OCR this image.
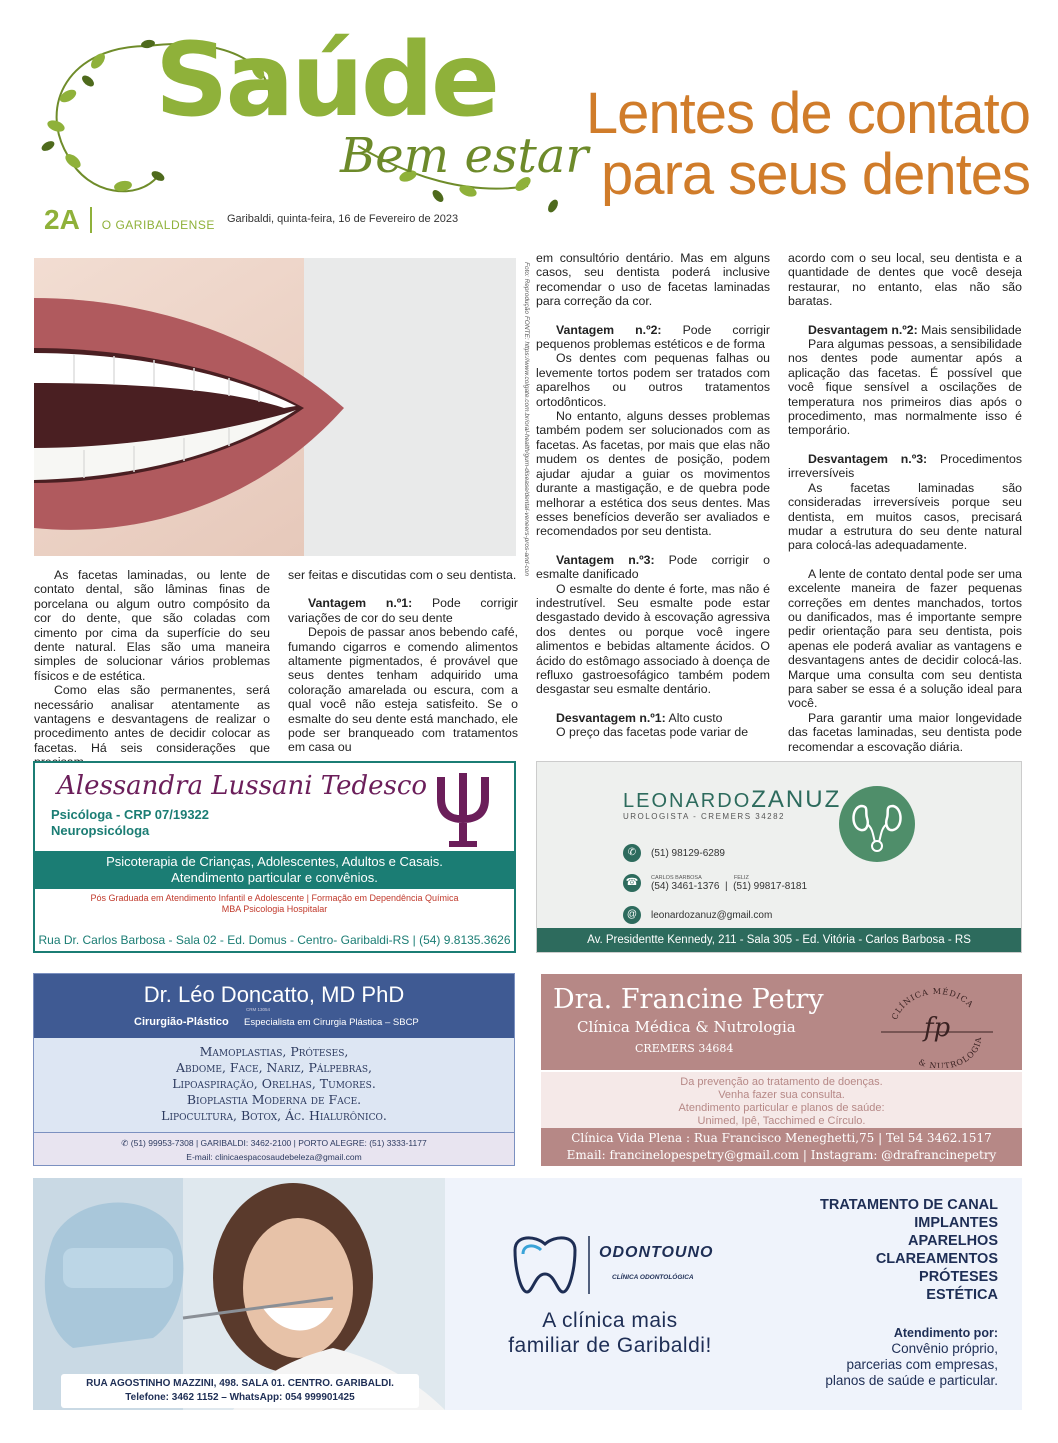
Saúde
Bem estar
Lentes de contato
para seus dentes
2A O GARIBALDENSE Garibaldi, quinta-feira, 16 de Fevereiro de 2023
Foto: Reprodução FONTE: https://www.colgate.com.br/oral-health/gum-disease/dental-veneers-pros-and-con

As facetas laminadas, ou lente de contato dental, são lâminas finas de porcelana ou algum outro compósito da cor do dente, que são coladas com cimento por cima da superfície do seu dente natural. Elas são uma maneira simples de solucionar vários problemas físicos e de estética.

Como elas são permanentes, será necessário analisar atentamente as vantagens e desvantagens de realizar o procedimento antes de decidir colocar as facetas. Há seis considerações que

ser feitas e discutidas com o seu dentista.

Vantagem n.º1: Pode corrigir variações de cor do seu dente

Depois de passar anos bebendo café, fumando cigarros e comendo alimentos altamente pigmentados, é provável que seus dentes tenham adquirido uma coloração amarelada ou escura, com a qual você não esteja satisfeito. Se o esmalte do seu dente está manchado, ele pode ser branqueado com tratamentos em casa ou

em consultório dentário. Mas em alguns casos, seu dentista poderá inclusive recomendar o uso de facetas laminadas para correção da cor.

Vantagem n.º2: Pode corrigir pequenos problemas estéticos e de forma

Os dentes com pequenas falhas ou levemente tortos podem ser tratados com aparelhos ou outros tratamentos ortodônticos.

No entanto, alguns desses problemas também podem ser solucionados com as facetas. As facetas, por mais que elas não mudem os dentes de posição, podem ajudar ajudar a guiar os movimentos durante a mastigação, e de quebra pode melhorar a estética dos seus dentes. Mas esses benefícios deverão ser avaliados e recomendados por seu dentista.

Vantagem n.º3: Pode corrigir o esmalte danificado

O esmalte do dente é forte, mas não é indestrutível. Seu esmalte pode estar desgastado devido à escovação agressiva dos dentes ou porque você ingere alimentos e bebidas altamente ácidos. O ácido do estômago associado à doença de refluxo gastroesofágico também podem desgastar seu esmalte dentário.

Desvantagem n.º1: Alto custo

O preço das facetas pode variar de

acordo com o seu local, seu dentista e a quantidade de dentes que você deseja restaurar, no entanto, elas não são baratas.

Desvantagem n.º2: Mais sensibilidade

Para algumas pessoas, a sensibilidade nos dentes pode aumentar após a aplicação das facetas. É possível que você fique sensível a oscilações de temperatura nos primeiros dias após o procedimento, mas normalmente isso é temporário.

Desvantagem n.º3: Procedimentos irreversíveis

As facetas laminadas são consideradas irreversíveis porque seu dentista, em muitos casos, precisará mudar a estrutura do seu dente natural para colocá-las adequadamente.

A lente de contato dental pode ser uma excelente maneira de fazer pequenas correções em dentes manchados, tortos ou danificados, mas é importante sempre pedir orientação para seu dentista, pois apenas ele poderá avaliar as vantagens e desvantagens antes de decidir colocá-las. Marque uma consulta com seu dentista para saber se essa é a solução ideal para você.

Para garantir uma maior longevidade das facetas laminadas, seu dentista pode recomendar a escovação diária.

Alessandra Lussani Tedesco
Psicóloga - CRP 07/19322
Neuropsicóloga
Psicoterapia de Crianças, Adolescentes, Adultos e Casais.
Atendimento particular e convênios.
Pós Graduada em Atendimento Infantil e Adolescente | Formação em Dependência Química
MBA Psicologia Hospitalar
Rua Dr. Carlos Barbosa - Sala 02 - Ed. Domus - Centro- Garibaldi-RS | (54) 9.8135.3626
LEONARDOZANUZ
UROLOGISTA - CREMERS 34282
✆	(51) 98129-6289
☎	CARLOS BARBOSA	FELIZ
(54) 3461-1376  |  (51) 99817-8181
@	leonardozanuz@gmail.com
Av. Presidentte Kennedy, 211 - Sala 305 - Ed. Vitória - Carlos Barbosa - RS
Dr. Léo Doncatto, MD PhD
CRM 13054
Cirurgião-Plástico Especialista em Cirurgia Plástica – SBCP
Mamoplastias, Próteses,
Abdome, Face, Nariz, Pálpebras,
Lipoaspiração, Orelhas, Tumores.
Bioplastia Moderna de Face.
Lipocultura, Botox, Ác. Hialurônico.
✆ (51) 99953-7308 | GARIBALDI: 3462-2100 | PORTO ALEGRE: (51) 3333-1177
E-mail: clinicaespacosaudebeleza@gmail.com
Dra. Francine Petry
Clínica Médica & Nutrologia
CREMERS 34684
CLÍNICA MÉDICA
& NUTROLOGIA
fp
Da prevenção ao tratamento de doenças.
Venha fazer sua consulta.
Atendimento particular e planos de saúde:
Unimed, Ipê, Tacchimed e Círculo.
Clínica Vida Plena : Rua Francisco Meneghetti,75 | Tel 54 3462.1517
Email: francinelopespetry@gmail.com | Instagram: @drafrancinepetry
RUA AGOSTINHO MAZZINI, 498. SALA 01. CENTRO. GARIBALDI.
Telefone: 3462 1152 – WhatsApp: 054 999901425
ODONTOUNO
CLÍNICA ODONTOLÓGICA
A clínica mais
familiar de Garibaldi!
TRATAMENTO DE CANAL
IMPLANTES
APARELHOS
CLAREAMENTOS
PRÓTESES
ESTÉTICA
Atendimento por:
Convênio próprio,
parcerias com empresas,
planos de saúde e particular.
